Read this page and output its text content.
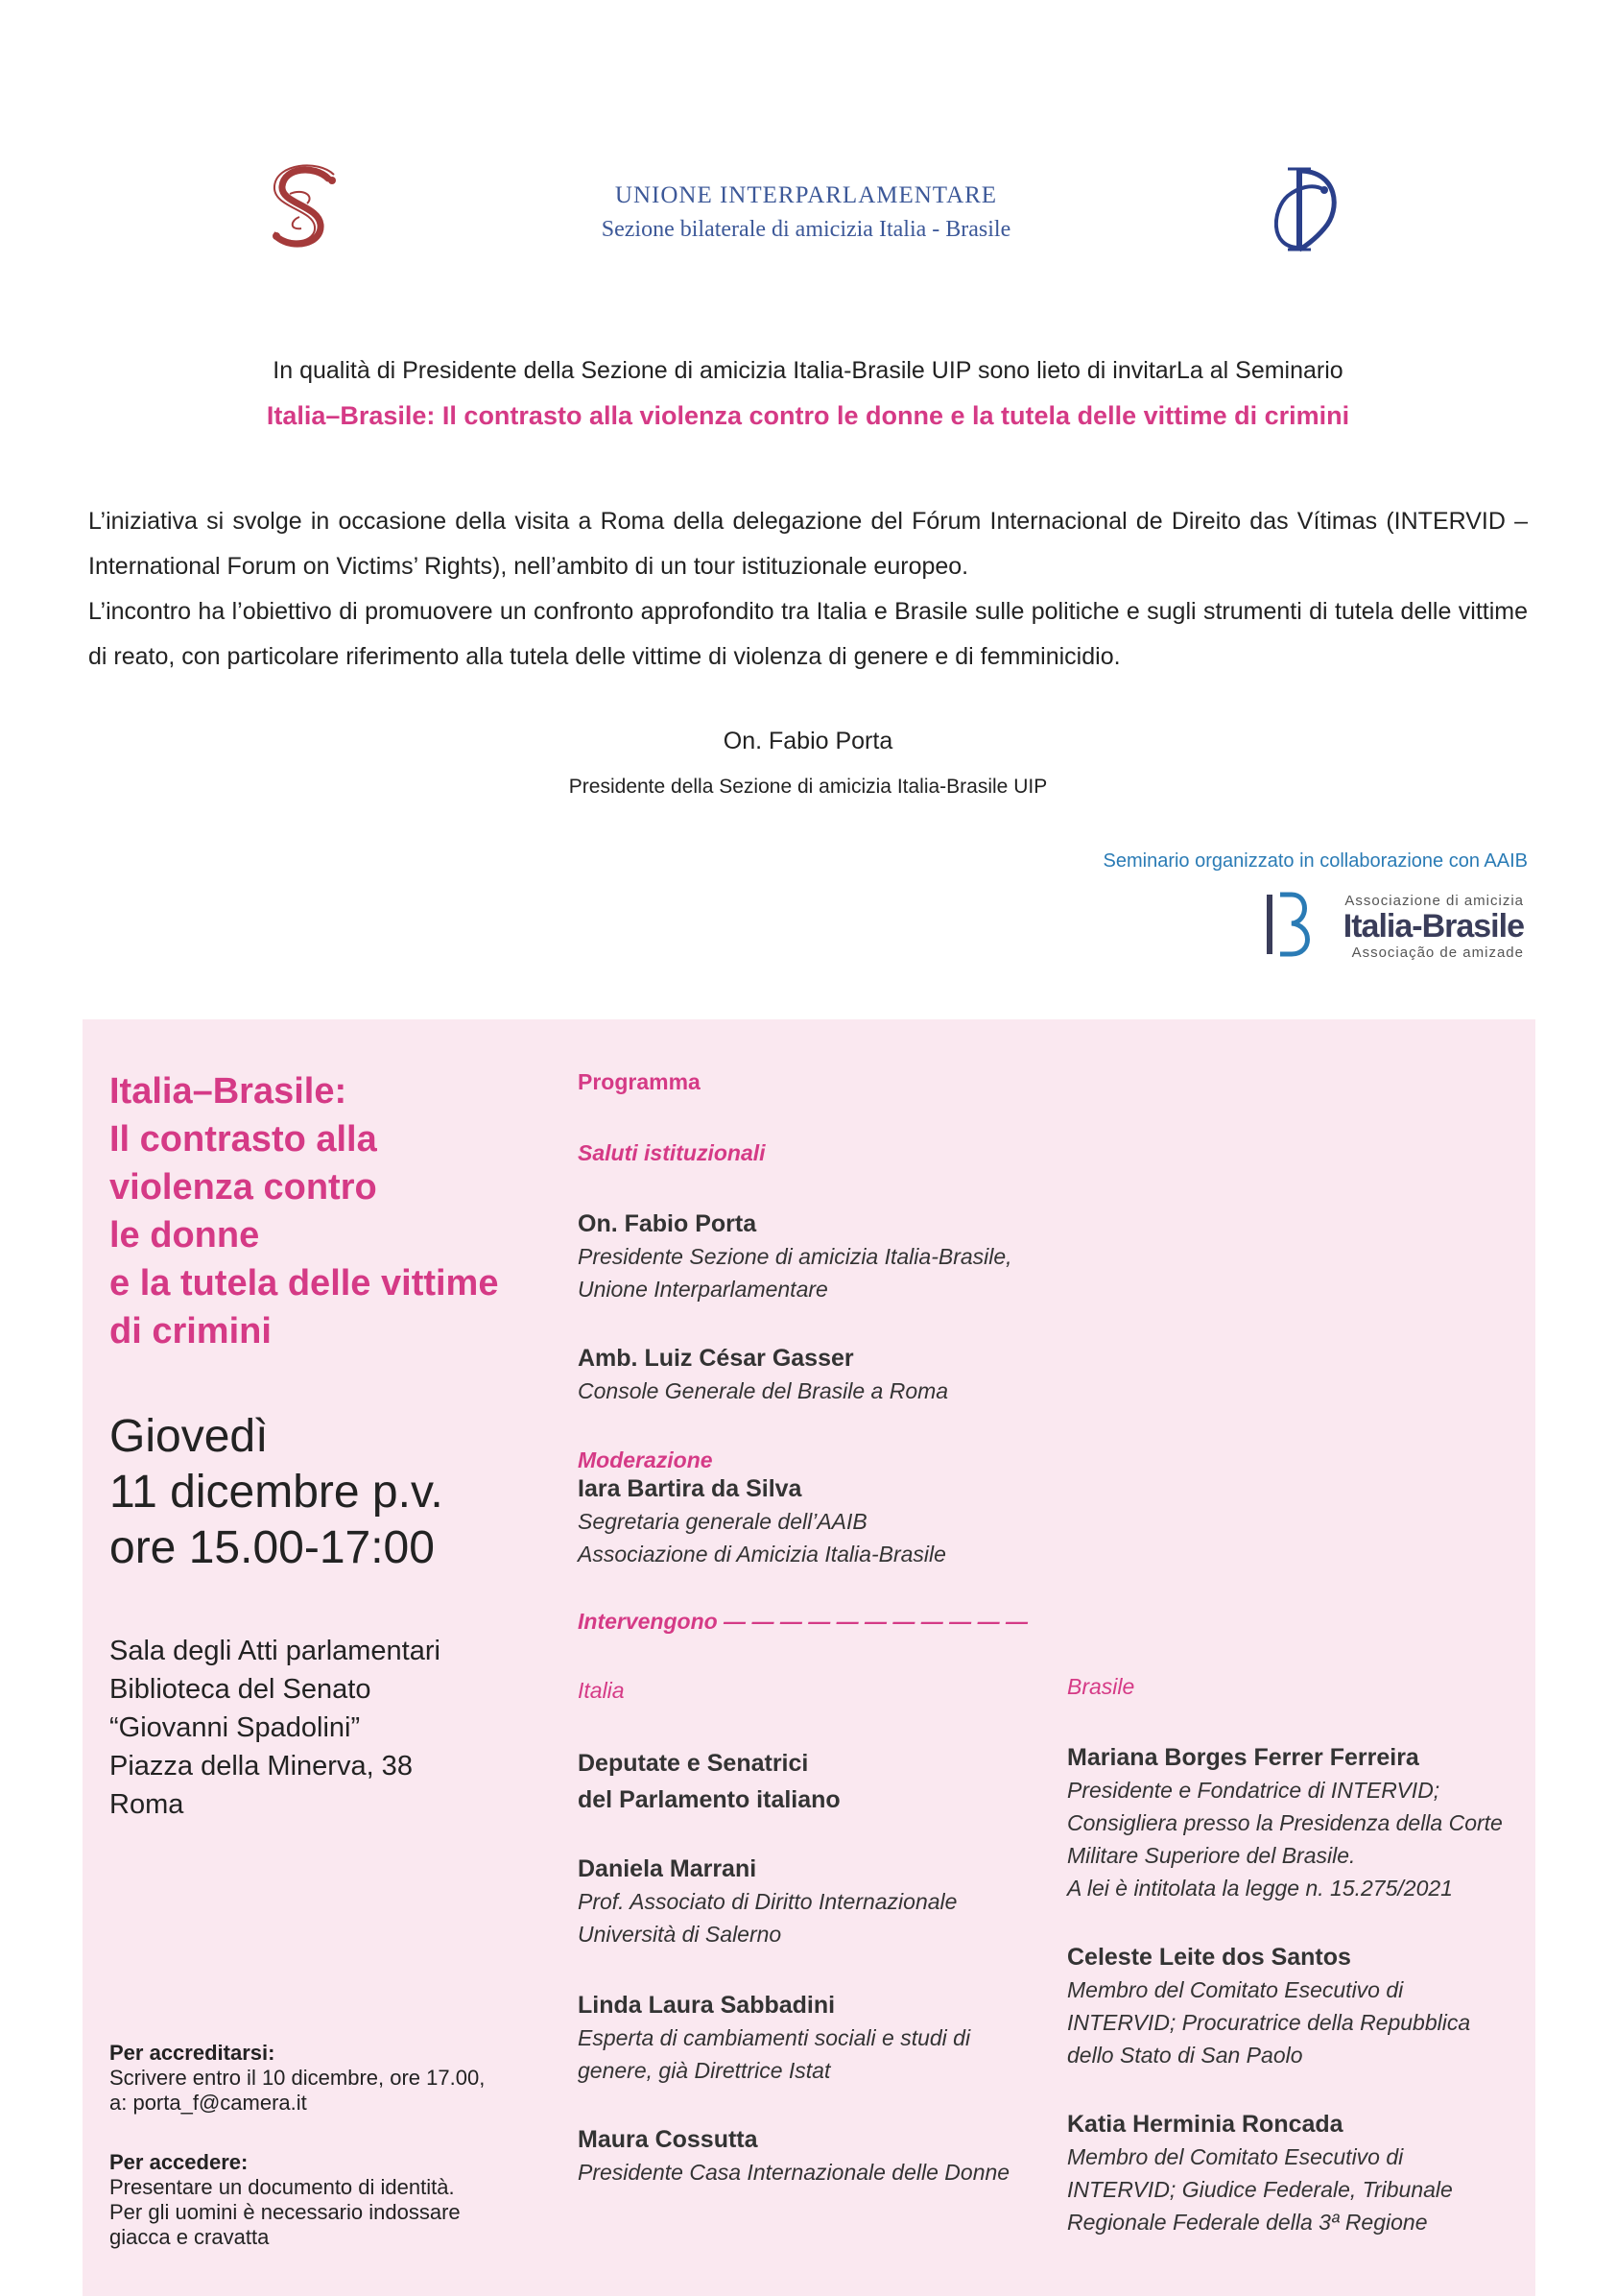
UNIONE INTERPARLAMENTARE
Sezione bilaterale di amicizia Italia - Brasile
In qualità di Presidente della Sezione di amicizia Italia-Brasile UIP sono lieto di invitarLa al Seminario
Italia–Brasile: Il contrasto alla violenza contro le donne e la tutela delle vittime di crimini

L’iniziativa si svolge in occasione della visita a Roma della delegazione del Fórum Internacional de Direito das Vítimas (INTERVID – International Forum on Victims’ Rights), nell’ambito di un tour istituzionale europeo.

L’incontro ha l’obiettivo di promuovere un confronto approfondito tra Italia e Brasile sulle politiche e sugli strumenti di tutela delle vittime di reato, con particolare riferimento alla tutela delle vittime di violenza di genere e di femminicidio.

On. Fabio Porta
Presidente della Sezione di amicizia Italia-Brasile UIP
Seminario organizzato in collaborazione con AAIB
Associazione di amicizia
Italia-Brasile
Associação de amizade
Italia–Brasile:
Il contrasto alla
violenza contro
le donne
e la tutela delle vittime
di crimini
Giovedì
11 dicembre p.v.
ore 15.00-17:00
Sala degli Atti parlamentari
Biblioteca del Senato
“Giovanni Spadolini”
Piazza della Minerva, 38
Roma
Per accreditarsi:
Scrivere entro il 10 dicembre, ore 17.00,
a: porta_f@camera.it
Per accedere:
Presentare un documento di identità.
Per gli uomini è necessario indossare
giacca e cravatta
Programma
Saluti istituzionali
On. Fabio Porta
Presidente Sezione di amicizia Italia-Brasile,
Unione Interparlamentare
Amb. Luiz César Gasser
Console Generale del Brasile a Roma
Moderazione
Iara Bartira da Silva
Segretaria generale dell’AAIB
Associazione di Amicizia Italia-Brasile
Intervengono — — — — — — — — — — —
Italia
Deputate e Senatrici
del Parlamento italiano
Daniela Marrani
Prof. Associato di Diritto Internazionale
Università di Salerno
Linda Laura Sabbadini
Esperta di cambiamenti sociali e studi di
genere, già Direttrice Istat
Maura Cossutta
Presidente Casa Internazionale delle Donne
Brasile
Mariana Borges Ferrer Ferreira
Presidente e Fondatrice di INTERVID;
Consigliera presso la Presidenza della Corte
Militare Superiore del Brasile.
A lei è intitolata la legge n. 15.275/2021
Celeste Leite dos Santos
Membro del Comitato Esecutivo di
INTERVID; Procuratrice della Repubblica
dello Stato di San Paolo
Katia Herminia Roncada
Membro del Comitato Esecutivo di
INTERVID; Giudice Federale, Tribunale
Regionale Federale della 3ª Regione
